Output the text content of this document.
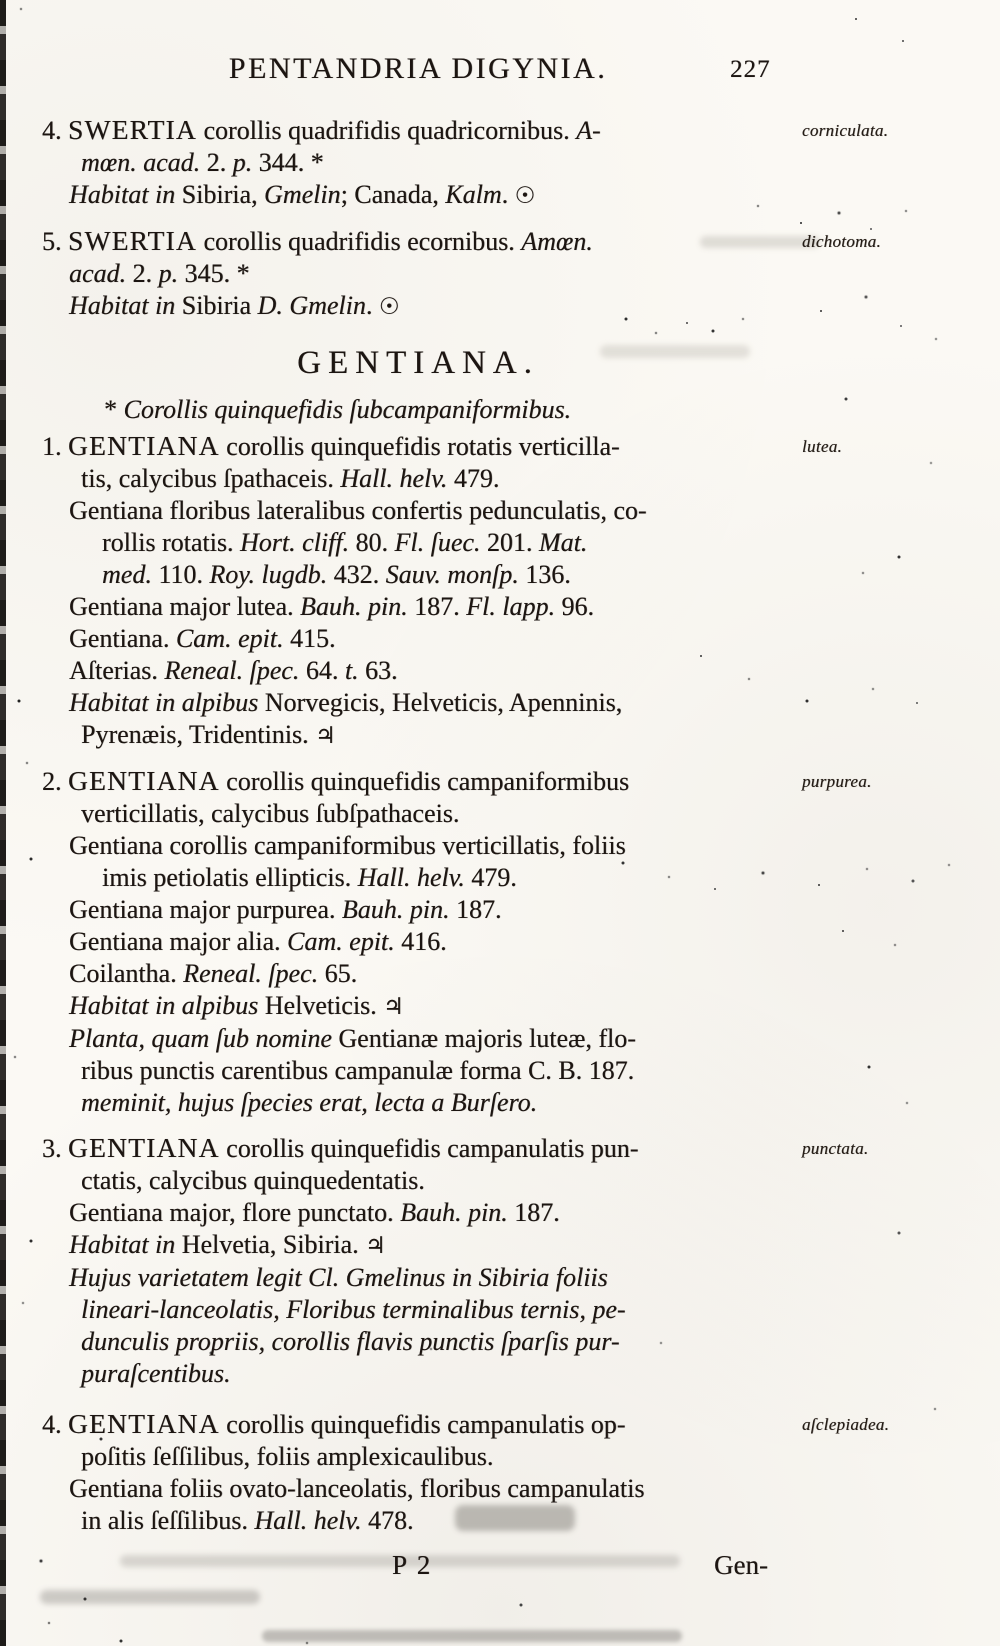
PENTANDRIA DIGYNIA.	227
4. SWERTIA corollis quadrifidis quadricornibus. A-
mœn. acad. 2. p. 344. *
Habitat in Sibiria, Gmelin; Canada, Kalm. ☉
corniculata.
5. SWERTIA corollis quadrifidis ecornibus. Amœn.
acad. 2. p. 345. *
Habitat in Sibiria D. Gmelin. ☉
dichotoma.
GENTIANA.
* Corollis quinquefidis ſubcampaniformibus.
1. GENTIANA corollis quinquefidis rotatis verticilla-
tis, calycibus ſpathaceis. Hall. helv. 479.
Gentiana floribus lateralibus confertis pedunculatis, co-
rollis rotatis. Hort. cliff. 80. Fl. ſuec. 201. Mat.
med. 110. Roy. lugdb. 432. Sauv. monſp. 136.
Gentiana major lutea. Bauh. pin. 187. Fl. lapp. 96.
Gentiana. Cam. epit. 415.
Aſterias. Reneal. ſpec. 64. t. 63.
Habitat in alpibus Norvegicis, Helveticis, Apenninis,
Pyrenæis, Tridentinis. ♃
lutea.
2. GENTIANA corollis quinquefidis campaniformibus
verticillatis, calycibus ſubſpathaceis.
Gentiana corollis campaniformibus verticillatis, foliis
imis petiolatis ellipticis. Hall. helv. 479.
Gentiana major purpurea. Bauh. pin. 187.
Gentiana major alia. Cam. epit. 416.
Coilantha. Reneal. ſpec. 65.
Habitat in alpibus Helveticis. ♃
Planta, quam ſub nomine Gentianæ majoris luteæ, flo-
ribus punctis carentibus campanulæ forma C. B. 187.
meminit, hujus ſpecies erat, lecta a Burſero.
purpurea.
3. GENTIANA corollis quinquefidis campanulatis pun-
ctatis, calycibus quinquedentatis.
Gentiana major, flore punctato. Bauh. pin. 187.
Habitat in Helvetia, Sibiria. ♃
Hujus varietatem legit Cl. Gmelinus in Sibiria foliis
lineari-lanceolatis, Floribus terminalibus ternis, pe-
dunculis propriis, corollis flavis punctis ſparſis pur-
puraſcentibus.
punctata.
4. GENTIANA corollis quinquefidis campanulatis op-
poſitis ſeſſilibus, foliis amplexicaulibus.
Gentiana foliis ovato-lanceolatis, floribus campanulatis
in alis ſeſſilibus. Hall. helv. 478.
aſclepiadea.
P 2	Gen-
